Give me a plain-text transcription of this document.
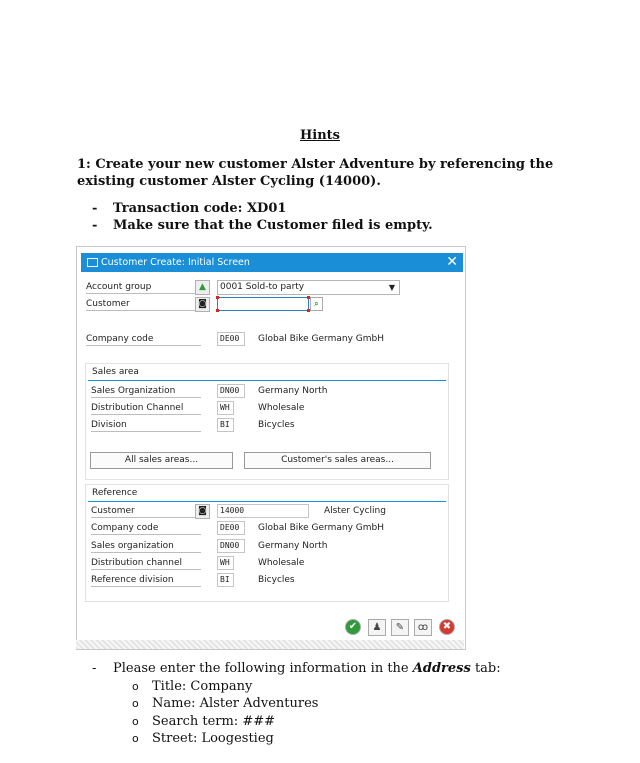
Hints
1: Create your new customer Alster Adventure by referencing the existing customer Alster Cycling (14000).
-	Transaction code: XD01
-	Make sure that the Customer filed is empty.
Customer Create: Initial Screen	✕
Account group	▲	0001 Sold-to party	▼
Customer	◙	⌕
Company code	DE00	Global Bike Germany GmbH
Sales area
Sales Organization	DN00	Germany North
Distribution Channel	WH	Wholesale
Division	BI	Bicycles
All sales areas...	Customer's sales areas...
Reference
Customer	◙	14000	Alster Cycling
Company code	DE00	Global Bike Germany GmbH
Sales organization	DN00	Germany North
Distribution channel	WH	Wholesale
Reference division	BI	Bicycles
✔	♟	✎	ꝏ	✖
-	Please enter the following information in the Address tab:
o	Title: Company
o	Name: Alster Adventures
o	Search term: ###
o	Street: Loogestieg
